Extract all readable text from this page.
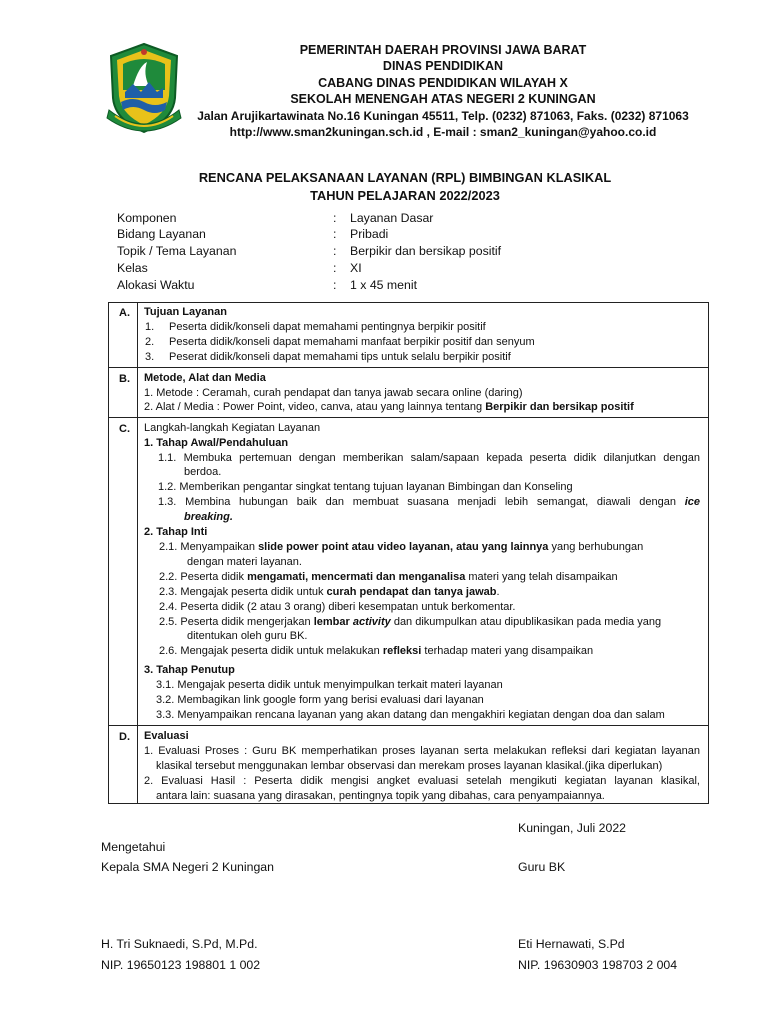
PEMERINTAH DAERAH PROVINSI JAWA BARAT
DINAS PENDIDIKAN
CABANG DINAS PENDIDIKAN WILAYAH X
SEKOLAH MENENGAH ATAS NEGERI 2 KUNINGAN
Jalan Arujikartawinata No.16 Kuningan 45511, Telp. (0232) 871063, Faks. (0232) 871063
http://www.sman2kuningan.sch.id , E-mail : sman2_kuningan@yahoo.co.id
RENCANA PELAKSANAAN LAYANAN (RPL) BIMBINGAN KLASIKAL
TAHUN PELAJARAN 2022/2023
Komponen	: Layanan Dasar
Bidang Layanan	: Pribadi
Topik / Tema Layanan	: Berpikir dan bersikap positif
Kelas	: XI
Alokasi Waktu	: 1 x 45 menit
A. Tujuan Layanan
1. Peserta didik/konseli dapat memahami pentingnya berpikir positif
2. Peserta didik/konseli dapat memahami manfaat berpikir positif dan senyum
3. Peserat didik/konseli dapat memahami tips untuk selalu berpikir positif
B. Metode, Alat dan Media
1. Metode : Ceramah, curah pendapat dan tanya jawab secara online (daring)
2. Alat / Media : Power Point, video, canva, atau yang lainnya tentang Berpikir dan bersikap positif
C. Langkah-langkah Kegiatan Layanan
1. Tahap Awal/Pendahuluan
1.1. Membuka pertemuan dengan memberikan salam/sapaan kepada peserta didik dilanjutkan dengan
berdoa.
1.2. Memberikan pengantar singkat tentang tujuan layanan Bimbingan dan Konseling
1.3. Membina hubungan baik dan membuat suasana menjadi lebih semangat, diawali dengan ice
breaking.
2. Tahap Inti
2.1. Menyampaikan slide power point atau video layanan, atau yang lainnya yang berhubungan
dengan materi layanan.
2.2. Peserta didik mengamati, mencermati dan menganalisa materi yang telah disampaikan
2.3. Mengajak peserta didik untuk curah pendapat dan tanya jawab.
2.4. Peserta didik (2 atau 3 orang) diberi kesempatan untuk berkomentar.
2.5. Peserta didik mengerjakan lembar activity dan dikumpulkan atau dipublikasikan pada media yang
ditentukan oleh guru BK.
2.6. Mengajak peserta didik untuk melakukan refleksi terhadap materi yang disampaikan
3. Tahap Penutup
3.1. Mengajak peserta didik untuk menyimpulkan terkait materi layanan
3.2. Membagikan link google form yang berisi evaluasi dari layanan
3.3. Menyampaikan rencana layanan yang akan datang dan mengakhiri kegiatan dengan doa dan salam
D. Evaluasi
1. Evaluasi Proses : Guru BK memperhatikan proses layanan serta melakukan refleksi dari kegiatan layanan
klasikal tersebut menggunakan lembar observasi dan merekam proses layanan klasikal.(jika diperlukan)
2. Evaluasi Hasil : Peserta didik mengisi angket evaluasi setelah mengikuti kegiatan layanan klasikal,
antara lain: suasana yang dirasakan, pentingnya topik yang dibahas, cara penyampaiannya.
Kuningan, Juli 2022
Mengetahui
Kepala SMA Negeri 2 Kuningan	Guru BK
H. Tri Suknaedi, S.Pd, M.Pd.
NIP. 19650123 198801 1 002
Eti Hernawati, S.Pd
NIP. 19630903 198703 2 004
